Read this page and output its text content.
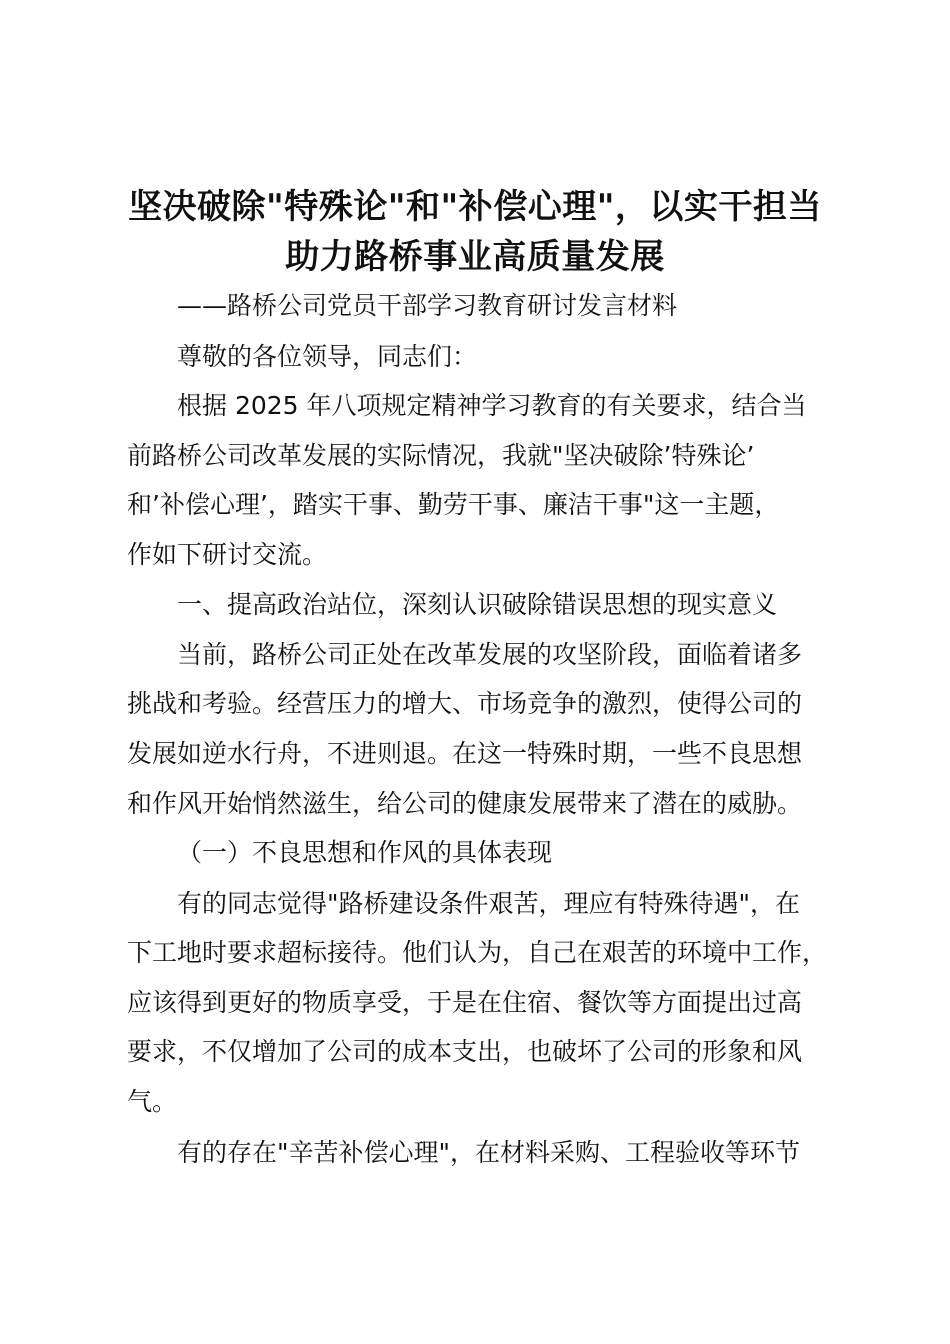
坚决破除"特殊论"和"补偿心理"，以实干担当
助力路桥事业高质量发展
——路桥公司党员干部学习教育研讨发言材料
尊敬的各位领导，同志们：
根据 2025 年八项规定精神学习教育的有关要求，结合当
前路桥公司改革发展的实际情况，我就"坚决破除’特殊论’
和’补偿心理’，踏实干事、勤劳干事、廉洁干事"这一主题，
作如下研讨交流。
一、提高政治站位，深刻认识破除错误思想的现实意义
当前，路桥公司正处在改革发展的攻坚阶段，面临着诸多
挑战和考验。经营压力的增大、市场竞争的激烈，使得公司的
发展如逆水行舟，不进则退。在这一特殊时期，一些不良思想
和作风开始悄然滋生，给公司的健康发展带来了潜在的威胁。
（一）不良思想和作风的具体表现
有的同志觉得"路桥建设条件艰苦，理应有特殊待遇"，在
下工地时要求超标接待。他们认为，自己在艰苦的环境中工作，
应该得到更好的物质享受，于是在住宿、餐饮等方面提出过高
要求，不仅增加了公司的成本支出，也破坏了公司的形象和风
气。
有的存在"辛苦补偿心理"，在材料采购、工程验收等环节
